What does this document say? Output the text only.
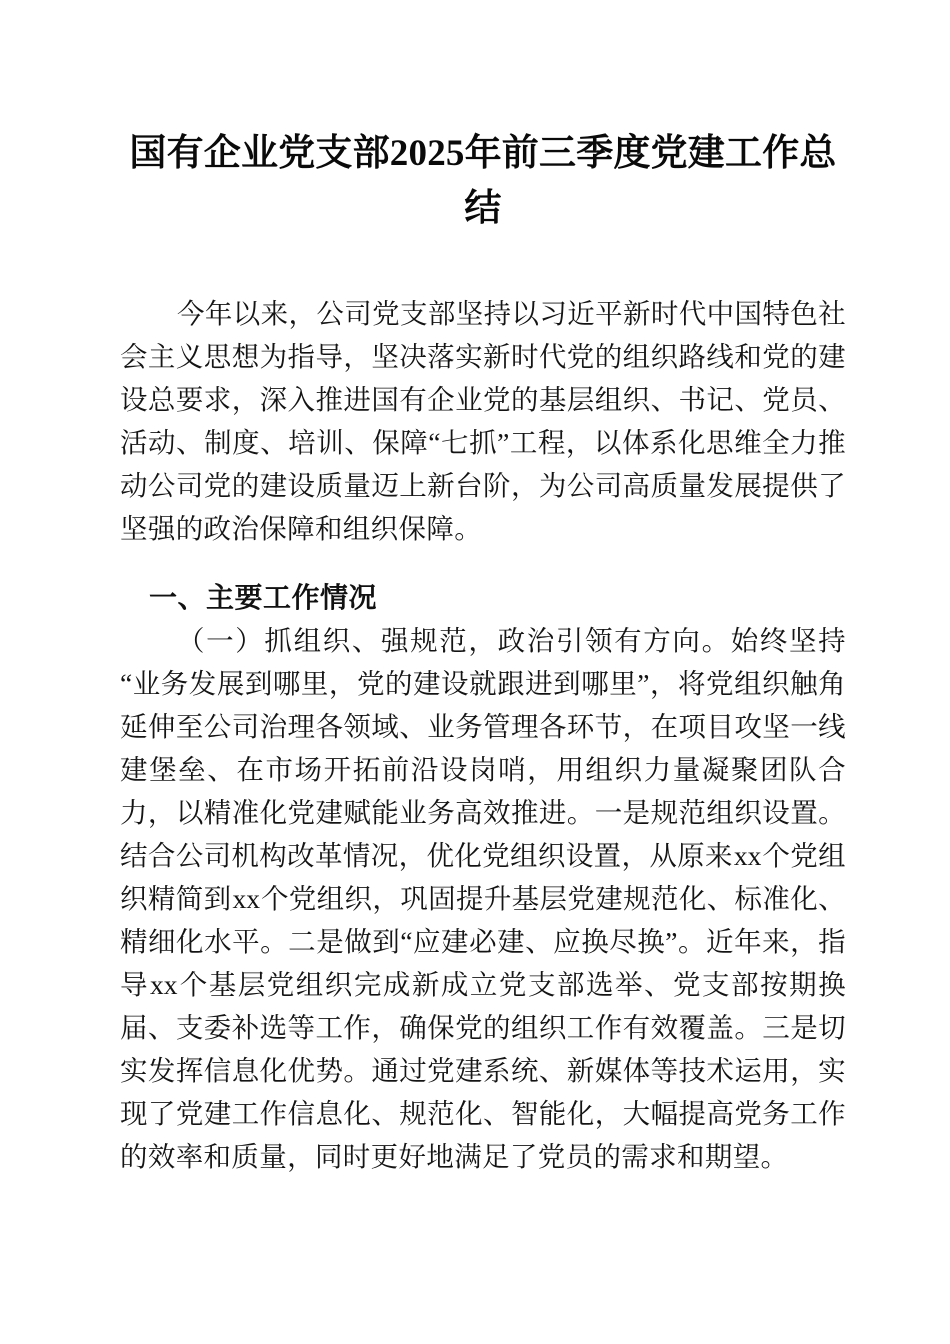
国有企业党支部2025年前三季度党建工作总结

今年以来，公司党支部坚持以习近平新时代中国特色社会主义思想为指导，坚决落实新时代党的组织路线和党的建设总要求，深入推进国有企业党的基层组织、书记、党员、活动、制度、培训、保障“七抓”工程，以体系化思维全力推动公司党的建设质量迈上新台阶，为公司高质量发展提供了坚强的政治保障和组织保障。

一、主要工作情况

（一）抓组织、强规范，政治引领有方向。始终坚持“业务发展到哪里，党的建设就跟进到哪里”，将党组织触角延伸至公司治理各领域、业务管理各环节，在项目攻坚一线建堡垒、在市场开拓前沿设岗哨，用组织力量凝聚团队合力，以精准化党建赋能业务高效推进。一是规范组织设置。结合公司机构改革情况，优化党组织设置，从原来xx个党组织精简到xx个党组织，巩固提升基层党建规范化、标准化、精细化水平。二是做到“应建必建、应换尽换”。近年来，指导xx个基层党组织完成新成立党支部选举、党支部按期换届、支委补选等工作，确保党的组织工作有效覆盖。三是切实发挥信息化优势。通过党建系统、新媒体等技术运用，实现了党建工作信息化、规范化、智能化，大幅提高党务工作的效率和质量，同时更好地满足了党员的需求和期望。
